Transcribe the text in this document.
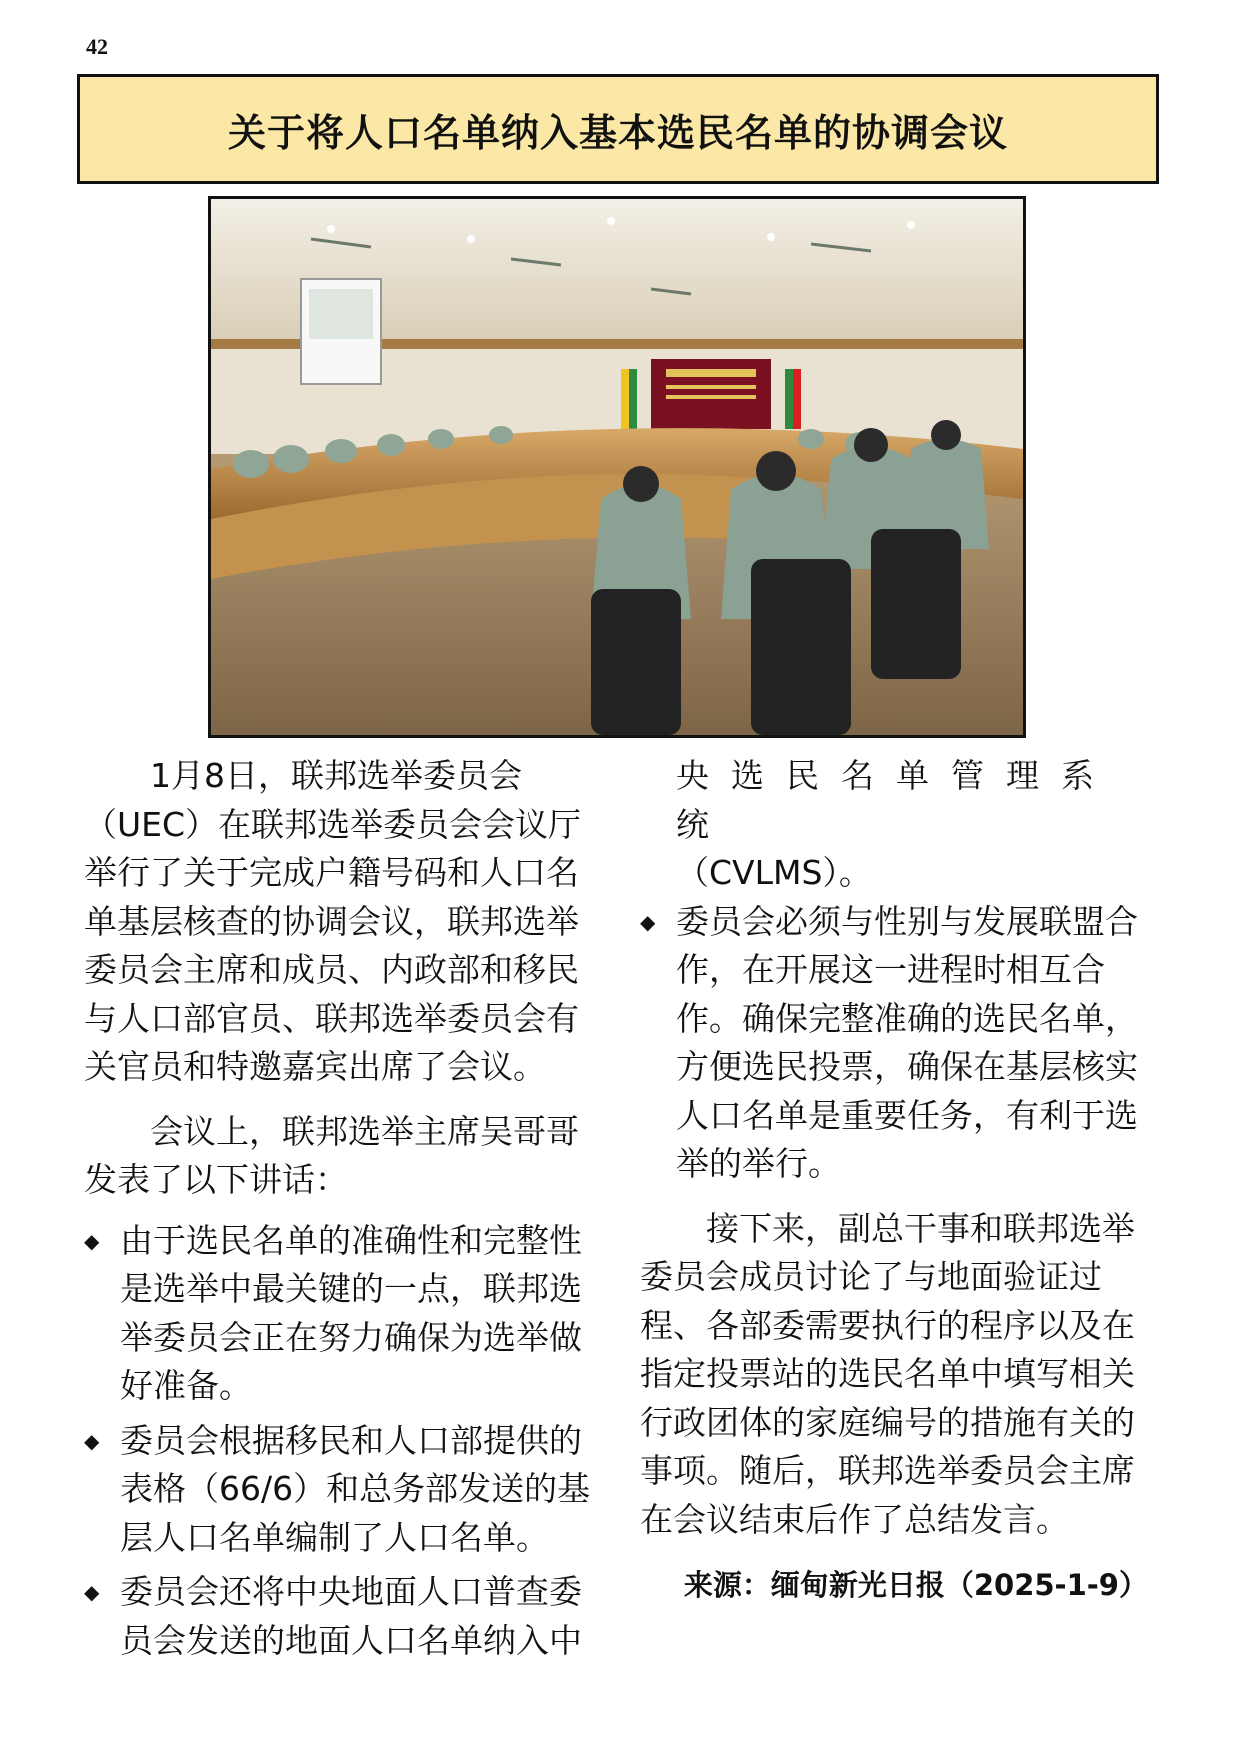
42
关于将人口名单纳入基本选民名单的协调会议

1月8日，联邦选举委员会（UEC）在联邦选举委员会会议厅举行了关于完成户籍号码和人口名单基层核查的协调会议，联邦选举委员会主席和成员、内政部和移民与人口部官员、联邦选举委员会有关官员和特邀嘉宾出席了会议。

会议上，联邦选举主席吴哥哥发表了以下讲话：

◆ 由于选民名单的准确性和完整性是选举中最关键的一点，联邦选举委员会正在努力确保为选举做好准备。
◆ 委员会根据移民和人口部提供的表格（66/6）和总务部发送的基层人口名单编制了人口名单。
◆ 委员会还将中央地面人口普查委员会发送的地面人口名单纳入中

央选民名单管理系统

（CVLMS）。

◆ 委员会必须与性别与发展联盟合作，在开展这一进程时相互合作。确保完整准确的选民名单，方便选民投票，确保在基层核实人口名单是重要任务，有利于选举的举行。

接下来，副总干事和联邦选举委员会成员讨论了与地面验证过程、各部委需要执行的程序以及在指定投票站的选民名单中填写相关行政团体的家庭编号的措施有关的事项。随后，联邦选举委员会主席在会议结束后作了总结发言。

来源：缅甸新光日报（2025-1-9）
